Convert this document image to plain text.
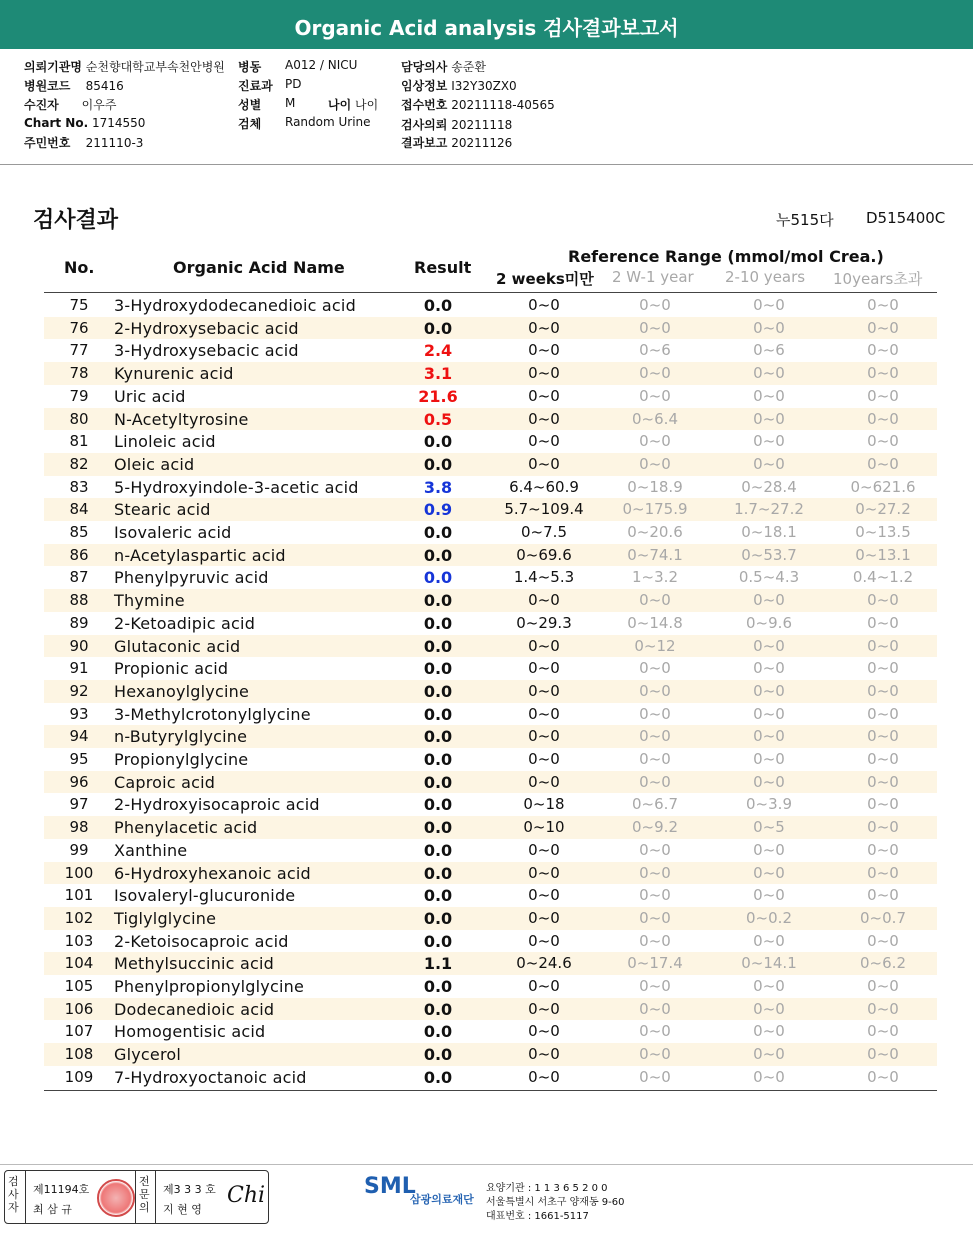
Organic Acid analysis 검사결과보고서
의뢰기관명 순천향대학교부속천안병원
병원코드 85416
수진자 이우주
Chart No. 1714550
주민번호 211110-3
병동 A012 / NICU
진료과 PD
성별 M	나이 나이
검체 Random Urine
담당의사 송준환
임상정보 I32Y30ZX0
접수번호 20211118-40565
검사의뢰 20211118
결과보고 20211126
검사결과	누515다 D515400C
No.	Organic Acid Name	Result
Reference Range (mmol/mol Crea.)
2 weeks미만 2 W-1 year 2-10 years 10years초과
75	3-Hydroxydodecanedioic acid	0.0	0~0	0~0	0~0	0~0
76	2-Hydroxysebacic acid	0.0	0~0	0~0	0~0	0~0
77	3-Hydroxysebacic acid	2.4	0~0	0~6	0~6	0~0
78	Kynurenic acid	3.1	0~0	0~0	0~0	0~0
79	Uric acid	21.6	0~0	0~0	0~0	0~0
80	N-Acetyltyrosine	0.5	0~0	0~6.4	0~0	0~0
81	Linoleic acid	0.0	0~0	0~0	0~0	0~0
82	Oleic acid	0.0	0~0	0~0	0~0	0~0
83	5-Hydroxyindole-3-acetic acid	3.8	6.4~60.9	0~18.9	0~28.4	0~621.6
84	Stearic acid	0.9	5.7~109.4	0~175.9	1.7~27.2	0~27.2
85	Isovaleric acid	0.0	0~7.5	0~20.6	0~18.1	0~13.5
86	n-Acetylaspartic acid	0.0	0~69.6	0~74.1	0~53.7	0~13.1
87	Phenylpyruvic acid	0.0	1.4~5.3	1~3.2	0.5~4.3	0.4~1.2
88	Thymine	0.0	0~0	0~0	0~0	0~0
89	2-Ketoadipic acid	0.0	0~29.3	0~14.8	0~9.6	0~0
90	Glutaconic acid	0.0	0~0	0~12	0~0	0~0
91	Propionic acid	0.0	0~0	0~0	0~0	0~0
92	Hexanoylglycine	0.0	0~0	0~0	0~0	0~0
93	3-Methylcrotonylglycine	0.0	0~0	0~0	0~0	0~0
94	n-Butyrylglycine	0.0	0~0	0~0	0~0	0~0
95	Propionylglycine	0.0	0~0	0~0	0~0	0~0
96	Caproic acid	0.0	0~0	0~0	0~0	0~0
97	2-Hydroxyisocaproic acid	0.0	0~18	0~6.7	0~3.9	0~0
98	Phenylacetic acid	0.0	0~10	0~9.2	0~5	0~0
99	Xanthine	0.0	0~0	0~0	0~0	0~0
100	6-Hydroxyhexanoic acid	0.0	0~0	0~0	0~0	0~0
101	Isovaleryl-glucuronide	0.0	0~0	0~0	0~0	0~0
102	Tiglylglycine	0.0	0~0	0~0	0~0.2	0~0.7
103	2-Ketoisocaproic acid	0.0	0~0	0~0	0~0	0~0
104	Methylsuccinic acid	1.1	0~24.6	0~17.4	0~14.1	0~6.2
105	Phenylpropionylglycine	0.0	0~0	0~0	0~0	0~0
106	Dodecanedioic acid	0.0	0~0	0~0	0~0	0~0
107	Homogentisic acid	0.0	0~0	0~0	0~0	0~0
108	Glycerol	0.0	0~0	0~0	0~0	0~0
109	7-Hydroxyoctanoic acid	0.0	0~0	0~0	0~0	0~0
검사자
제11194호
최 삼 규
전문의
제3 3 3 호
지 현 영
Chi	SML
삼광의료재단
요양기관 : 1 1 3 6 5 2 0 0
서울특별시 서초구 양재동 9-60
대표번호 : 1661-5117
